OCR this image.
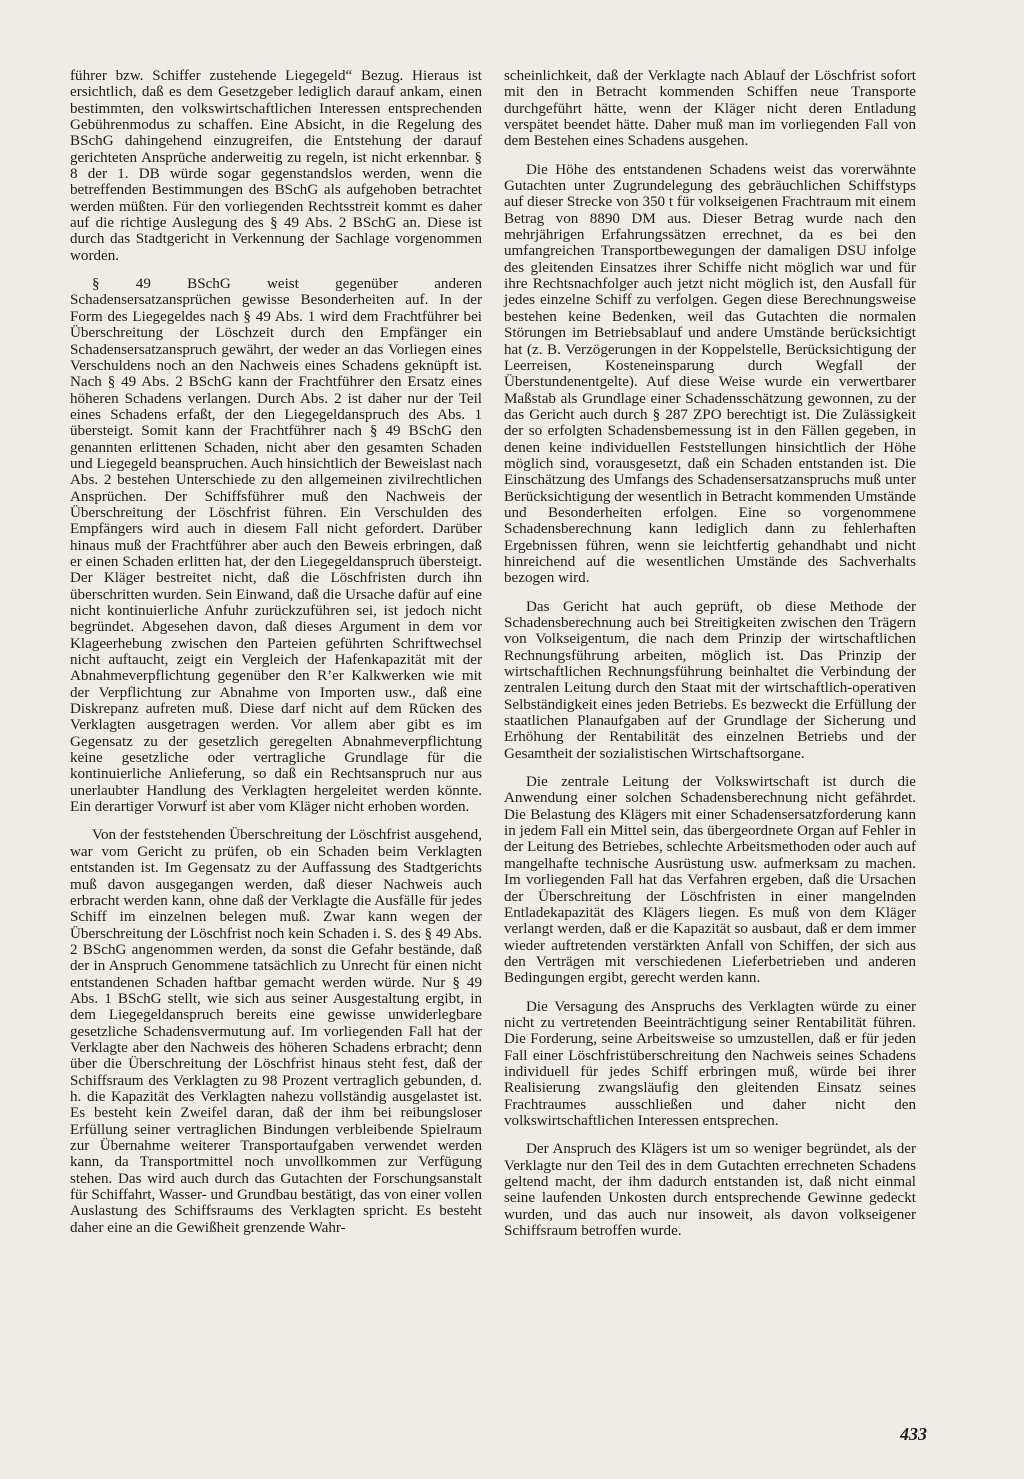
führer bzw. Schiffer zustehende Liegegeld“ Bezug. Hieraus ist ersichtlich, daß es dem Gesetzgeber lediglich darauf ankam, einen bestimmten, den volkswirtschaftlichen Interessen entsprechenden Gebührenmodus zu schaffen. Eine Absicht, in die Regelung des BSchG dahingehend einzugreifen, die Entstehung der darauf gerichteten Ansprüche anderweitig zu regeln, ist nicht erkennbar. § 8 der 1. DB würde sogar gegenstandslos werden, wenn die betreffenden Bestimmungen des BSchG als aufgehoben betrachtet werden müßten. Für den vorliegenden Rechtsstreit kommt es daher auf die richtige Auslegung des § 49 Abs. 2 BSchG an. Diese ist durch das Stadtgericht in Verkennung der Sachlage vorgenommen worden.

§ 49 BSchG weist gegenüber anderen Schadensersatzansprüchen gewisse Besonderheiten auf. In der Form des Liegegeldes nach § 49 Abs. 1 wird dem Frachtführer bei Überschreitung der Löschzeit durch den Empfänger ein Schadensersatzanspruch gewährt, der weder an das Vorliegen eines Verschuldens noch an den Nachweis eines Schadens geknüpft ist. Nach § 49 Abs. 2 BSchG kann der Frachtführer den Ersatz eines höheren Schadens verlangen. Durch Abs. 2 ist daher nur der Teil eines Schadens erfaßt, der den Liegegeldanspruch des Abs. 1 übersteigt. Somit kann der Frachtführer nach § 49 BSchG den genannten erlittenen Schaden, nicht aber den gesamten Schaden und Liegegeld beanspruchen. Auch hinsichtlich der Beweislast nach Abs. 2 bestehen Unterschiede zu den allgemeinen zivilrechtlichen Ansprüchen. Der Schiffsführer muß den Nachweis der Überschreitung der Löschfrist führen. Ein Verschulden des Empfängers wird auch in diesem Fall nicht gefordert. Darüber hinaus muß der Frachtführer aber auch den Beweis erbringen, daß er einen Schaden erlitten hat, der den Liegegeldanspruch übersteigt. Der Kläger bestreitet nicht, daß die Löschfristen durch ihn überschritten wurden. Sein Einwand, daß die Ursache dafür auf eine nicht kontinuierliche Anfuhr zurückzuführen sei, ist jedoch nicht begründet. Abgesehen davon, daß dieses Argument in dem vor Klageerhebung zwischen den Parteien geführten Schriftwechsel nicht auftaucht, zeigt ein Vergleich der Hafenkapazität mit der Abnahmeverpflichtung gegenüber den R’er Kalkwerken wie mit der Verpflichtung zur Abnahme von Importen usw., daß eine Diskrepanz aufreten muß. Diese darf nicht auf dem Rücken des Verklagten ausgetragen werden. Vor allem aber gibt es im Gegensatz zu der gesetzlich geregelten Abnahmeverpflichtung keine gesetzliche oder vertragliche Grundlage für die kontinuierliche Anlieferung, so daß ein Rechtsanspruch nur aus unerlaubter Handlung des Verklagten hergeleitet werden könnte. Ein derartiger Vorwurf ist aber vom Kläger nicht erhoben worden.

Von der feststehenden Überschreitung der Löschfrist ausgehend, war vom Gericht zu prüfen, ob ein Schaden beim Verklagten entstanden ist. Im Gegensatz zu der Auffassung des Stadtgerichts muß davon ausgegangen werden, daß dieser Nachweis auch erbracht werden kann, ohne daß der Verklagte die Ausfälle für jedes Schiff im einzelnen belegen muß. Zwar kann wegen der Überschreitung der Löschfrist noch kein Schaden i. S. des § 49 Abs. 2 BSchG angenommen werden, da sonst die Gefahr bestände, daß der in Anspruch Genommene tatsächlich zu Unrecht für einen nicht entstandenen Schaden haftbar gemacht werden würde. Nur § 49 Abs. 1 BSchG stellt, wie sich aus seiner Ausgestaltung ergibt, in dem Liegegeldanspruch bereits eine gewisse unwiderlegbare gesetzliche Schadensvermutung auf. Im vorliegenden Fall hat der Verklagte aber den Nachweis des höheren Schadens erbracht; denn über die Überschreitung der Löschfrist hinaus steht fest, daß der Schiffsraum des Verklagten zu 98 Prozent vertraglich gebunden, d. h. die Kapazität des Verklagten nahezu vollständig ausgelastet ist. Es besteht kein Zweifel daran, daß der ihm bei reibungsloser Erfüllung seiner vertraglichen Bindungen verbleibende Spielraum zur Übernahme weiterer Transportaufgaben verwendet werden kann, da Transportmittel noch unvollkommen zur Verfügung stehen. Das wird auch durch das Gutachten der Forschungsanstalt für Schiffahrt, Wasser- und Grundbau bestätigt, das von einer vollen Auslastung des Schiffsraums des Verklagten spricht. Es besteht daher eine an die Gewißheit grenzende Wahr-

scheinlichkeit, daß der Verklagte nach Ablauf der Löschfrist sofort mit den in Betracht kommenden Schiffen neue Transporte durchgeführt hätte, wenn der Kläger nicht deren Entladung verspätet beendet hätte. Daher muß man im vorliegenden Fall von dem Bestehen eines Schadens ausgehen.

Die Höhe des entstandenen Schadens weist das vorerwähnte Gutachten unter Zugrundelegung des gebräuchlichen Schiffstyps auf dieser Strecke von 350 t für volkseigenen Frachtraum mit einem Betrag von 8890 DM aus. Dieser Betrag wurde nach den mehrjährigen Erfahrungssätzen errechnet, da es bei den umfangreichen Transportbewegungen der damaligen DSU infolge des gleitenden Einsatzes ihrer Schiffe nicht möglich war und für ihre Rechtsnachfolger auch jetzt nicht möglich ist, den Ausfall für jedes einzelne Schiff zu verfolgen. Gegen diese Berechnungsweise bestehen keine Bedenken, weil das Gutachten die normalen Störungen im Betriebsablauf und andere Umstände berücksichtigt hat (z. B. Verzögerungen in der Koppelstelle, Berücksichtigung der Leerreisen, Kosteneinsparung durch Wegfall der Überstundenentgelte). Auf diese Weise wurde ein verwertbarer Maßstab als Grundlage einer Schadensschätzung gewonnen, zu der das Gericht auch durch § 287 ZPO berechtigt ist. Die Zulässigkeit der so erfolgten Schadensbemessung ist in den Fällen gegeben, in denen keine individuellen Feststellungen hinsichtlich der Höhe möglich sind, vorausgesetzt, daß ein Schaden entstanden ist. Die Einschätzung des Umfangs des Schadensersatzanspruchs muß unter Berücksichtigung der wesentlich in Betracht kommenden Umstände und Besonderheiten erfolgen. Eine so vorgenommene Schadensberechnung kann lediglich dann zu fehlerhaften Ergebnissen führen, wenn sie leichtfertig gehandhabt und nicht hinreichend auf die wesentlichen Umstände des Sachverhalts bezogen wird.

Das Gericht hat auch geprüft, ob diese Methode der Schadensberechnung auch bei Streitigkeiten zwischen den Trägern von Volkseigentum, die nach dem Prinzip der wirtschaftlichen Rechnungsführung arbeiten, möglich ist. Das Prinzip der wirtschaftlichen Rechnungsführung beinhaltet die Verbindung der zentralen Leitung durch den Staat mit der wirtschaftlich-operativen Selbständigkeit eines jeden Betriebs. Es bezweckt die Erfüllung der staatlichen Planaufgaben auf der Grundlage der Sicherung und Erhöhung der Rentabilität des einzelnen Betriebs und der Gesamtheit der sozialistischen Wirtschaftsorgane.

Die zentrale Leitung der Volkswirtschaft ist durch die Anwendung einer solchen Schadensberechnung nicht gefährdet. Die Belastung des Klägers mit einer Schadensersatzforderung kann in jedem Fall ein Mittel sein, das übergeordnete Organ auf Fehler in der Leitung des Betriebes, schlechte Arbeitsmethoden oder auch auf mangelhafte technische Ausrüstung usw. aufmerksam zu machen. Im vorliegenden Fall hat das Verfahren ergeben, daß die Ursachen der Überschreitung der Löschfristen in einer mangelnden Entladekapazität des Klägers liegen. Es muß von dem Kläger verlangt werden, daß er die Kapazität so ausbaut, daß er dem immer wieder auftretenden verstärkten Anfall von Schiffen, der sich aus den Verträgen mit verschiedenen Lieferbetrieben und anderen Bedingungen ergibt, gerecht werden kann.

Die Versagung des Anspruchs des Verklagten würde zu einer nicht zu vertretenden Beeinträchtigung seiner Rentabilität führen. Die Forderung, seine Arbeitsweise so umzustellen, daß er für jeden Fall einer Löschfristüberschreitung den Nachweis seines Schadens individuell für jedes Schiff erbringen muß, würde bei ihrer Realisierung zwangsläufig den gleitenden Einsatz seines Frachtraumes ausschließen und daher nicht den volkswirtschaftlichen Interessen entsprechen.

Der Anspruch des Klägers ist um so weniger begründet, als der Verklagte nur den Teil des in dem Gutachten errechneten Schadens geltend macht, der ihm dadurch entstanden ist, daß nicht einmal seine laufenden Unkosten durch entsprechende Gewinne gedeckt wurden, und das auch nur insoweit, als davon volkseigener Schiffsraum betroffen wurde.

433
